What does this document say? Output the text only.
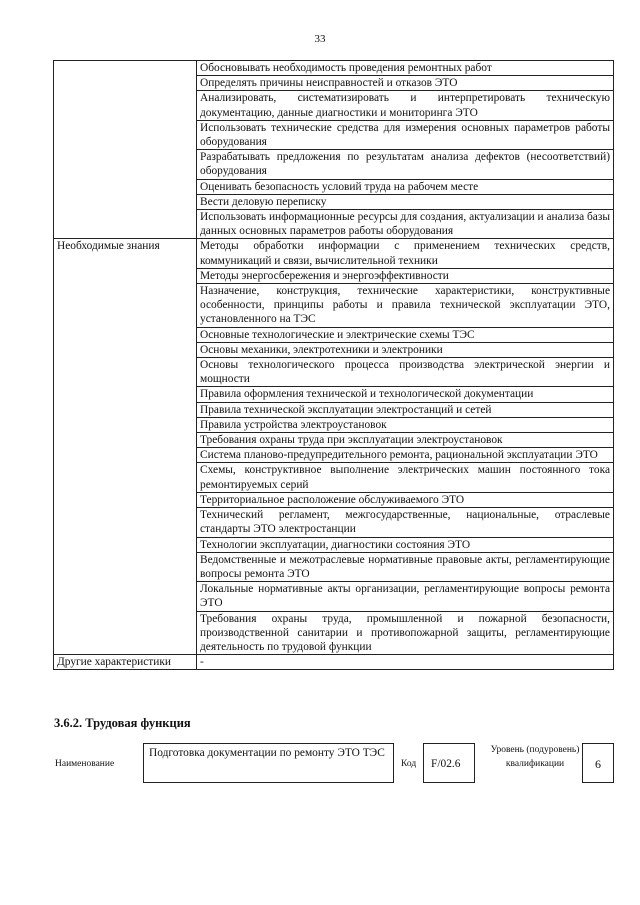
33
	Обосновывать необходимость проведения ремонтных работ
	Определять причины неисправностей и отказов ЭТО
	Анализировать, систематизировать и интерпретировать техническую документацию, данные диагностики и мониторинга ЭТО
	Использовать технические средства для измерения основных параметров работы оборудования
	Разрабатывать предложения по результатам анализа дефектов (несоответствий) оборудования
	Оценивать безопасность условий труда на рабочем месте
	Вести деловую переписку
	Использовать информационные ресурсы для создания, актуализации и анализа базы данных основных параметров работы оборудования
Необходимые знания	Методы обработки информации с применением технических средств, коммуникаций и связи, вычислительной техники
	Методы энергосбережения и энергоэффективности
	Назначение, конструкция, технические характеристики, конструктивные особенности, принципы работы и правила технической эксплуатации ЭТО, установленного на ТЭС
	Основные технологические и электрические схемы ТЭС
	Основы механики, электротехники и электроники
	Основы технологического процесса производства электрической энергии и мощности
	Правила оформления технической и технологической документации
	Правила технической эксплуатации электростанций и сетей
	Правила устройства электроустановок
	Требования охраны труда при эксплуатации электроустановок
	Система планово-предупредительного ремонта, рациональной эксплуатации ЭТО
	Схемы, конструктивное выполнение электрических машин постоянного тока ремонтируемых серий
	Территориальное расположение обслуживаемого ЭТО
	Технический регламент, межгосударственные, национальные, отраслевые стандарты ЭТО электростанции
	Технологии эксплуатации, диагностики состояния ЭТО
	Ведомственные и межотраслевые нормативные правовые акты, регламентирующие вопросы ремонта ЭТО
	Локальные нормативные акты организации, регламентирующие вопросы ремонта ЭТО
	Требования охраны труда, промышленной и пожарной безопасности, производственной санитарии и противопожарной защиты, регламентирующие деятельность по трудовой функции
Другие характеристики	-
3.6.2. Трудовая функция
Наименование
Подготовка документации по ремонту ЭТО ТЭС
Код	F/02.6
Уровень (подуровень) квалификации	6
